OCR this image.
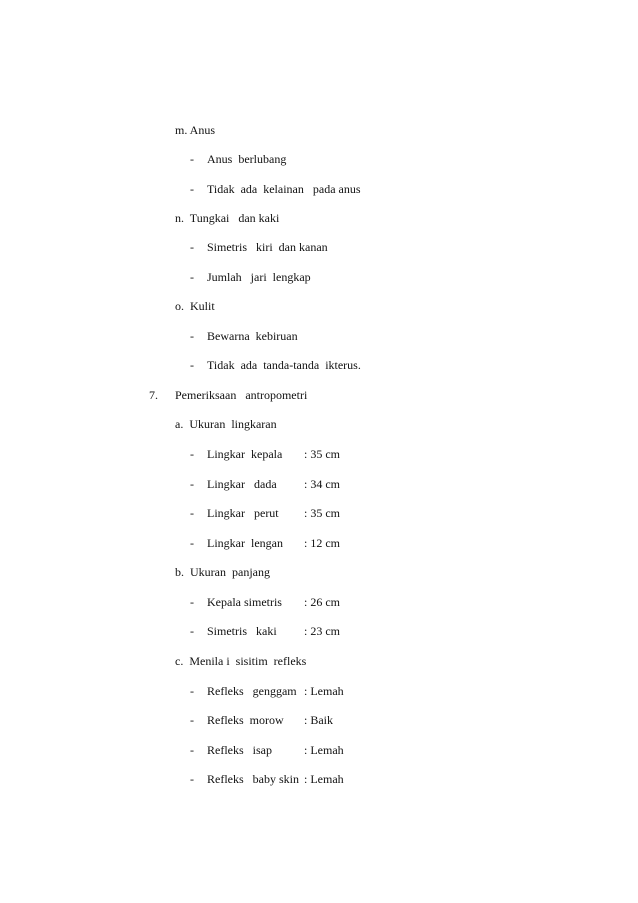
m. Anus
- Anus  berlubang
- Tidak  ada  kelainan   pada anus
n.  Tungkai   dan kaki
- Simetris   kiri  dan kanan
- Jumlah   jari  lengkap
o.  Kulit
- Bewarna  kebiruan
- Tidak  ada  tanda-tanda  ikterus.
7. Pemeriksaan   antropometri
a.  Ukuran  lingkaran
- Lingkar  kepala : 35 cm
- Lingkar   dada : 34 cm
- Lingkar   perut : 35 cm
- Lingkar  lengan : 12 cm
b.  Ukuran  panjang
- Kepala simetris : 26 cm
- Simetris   kaki : 23 cm
c.  Menila i  sisitim  refleks
- Refleks   genggam : Lemah
- Refleks  morow : Baik
- Refleks   isap	: Lemah
- Refleks   baby skin : Lemah
